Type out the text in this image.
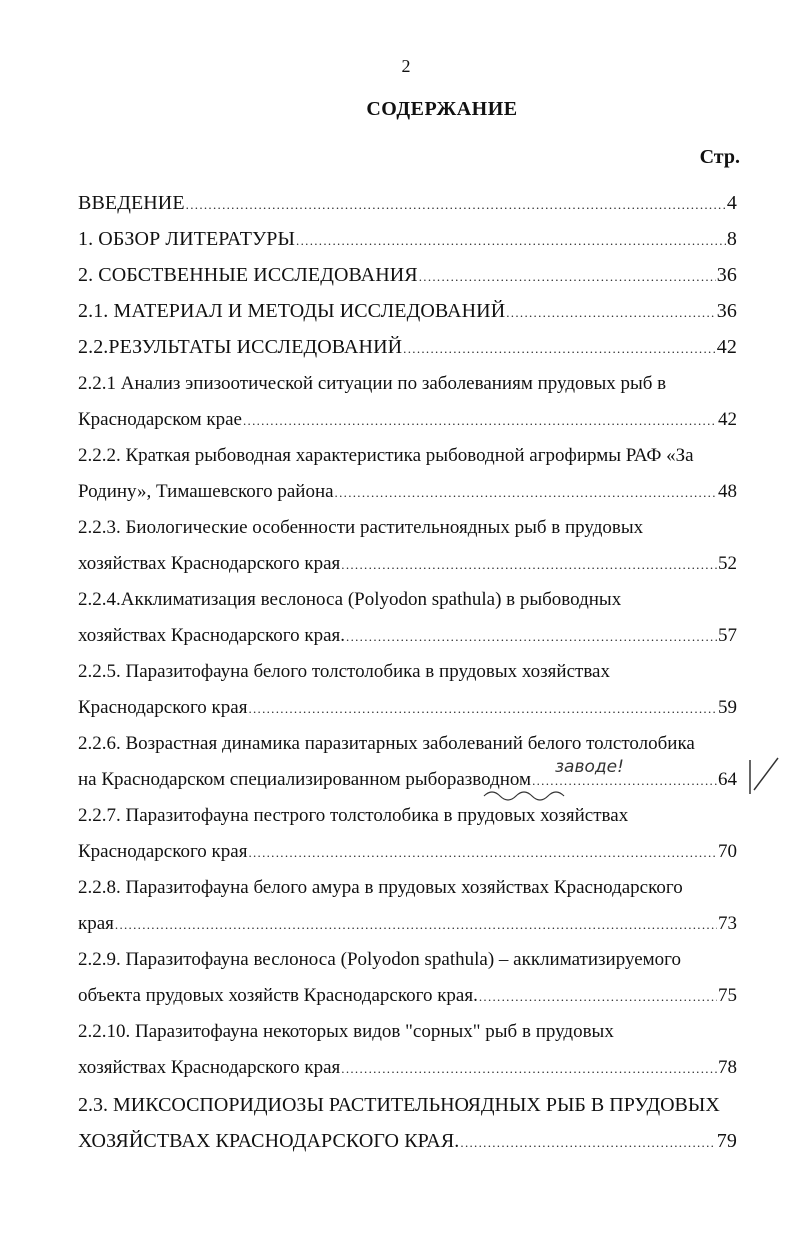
2
СОДЕРЖАНИЕ
Стр.
ВВЕДЕНИЕ .....	4
1. ОБЗОР ЛИТЕРАТУРЫ .....	8
2. СОБСТВЕННЫЕ ИССЛЕДОВАНИЯ .....	36
2.1. МАТЕРИАЛ И МЕТОДЫ ИССЛЕДОВАНИЙ .....	36
2.2.РЕЗУЛЬТАТЫ ИССЛЕДОВАНИЙ .....	42
2.2.1 Анализ эпизоотической ситуации по заболеваниям прудовых рыб в
Краснодарском крае .....	42
2.2.2. Краткая рыбоводная характеристика рыбоводной агрофирмы РАФ «За
Родину», Тимашевского района .....	48
2.2.3. Биологические особенности растительноядных рыб в прудовых
хозяйствах Краснодарского края .....	52
2.2.4.Акклиматизация веслоноса (Polyodon spathula) в рыбоводных
хозяйствах Краснодарского края. .....	57
2.2.5. Паразитофауна белого толстолобика в прудовых хозяйствах
Краснодарского края .....	59
2.2.6. Возрастная динамика паразитарных заболеваний белого толстолобика
на Краснодарском специализированном рыборазводном .....	64
заводе!
2.2.7. Паразитофауна пестрого толстолобика в прудовых хозяйствах
Краснодарского края .....	70
2.2.8. Паразитофауна белого амура в прудовых хозяйствах Краснодарского
края .....	73
2.2.9. Паразитофауна веслоноса (Polyodon spathula) – акклиматизируемого
объекта прудовых хозяйств Краснодарского края. .....	75
2.2.10. Паразитофауна некоторых видов "сорных" рыб в прудовых
хозяйствах Краснодарского края .....	78
2.3. МИКСОСПОРИДИОЗЫ РАСТИТЕЛЬНОЯДНЫХ РЫБ В ПРУДОВЫХ
ХОЗЯЙСТВАХ КРАСНОДАРСКОГО КРАЯ. .....	79
